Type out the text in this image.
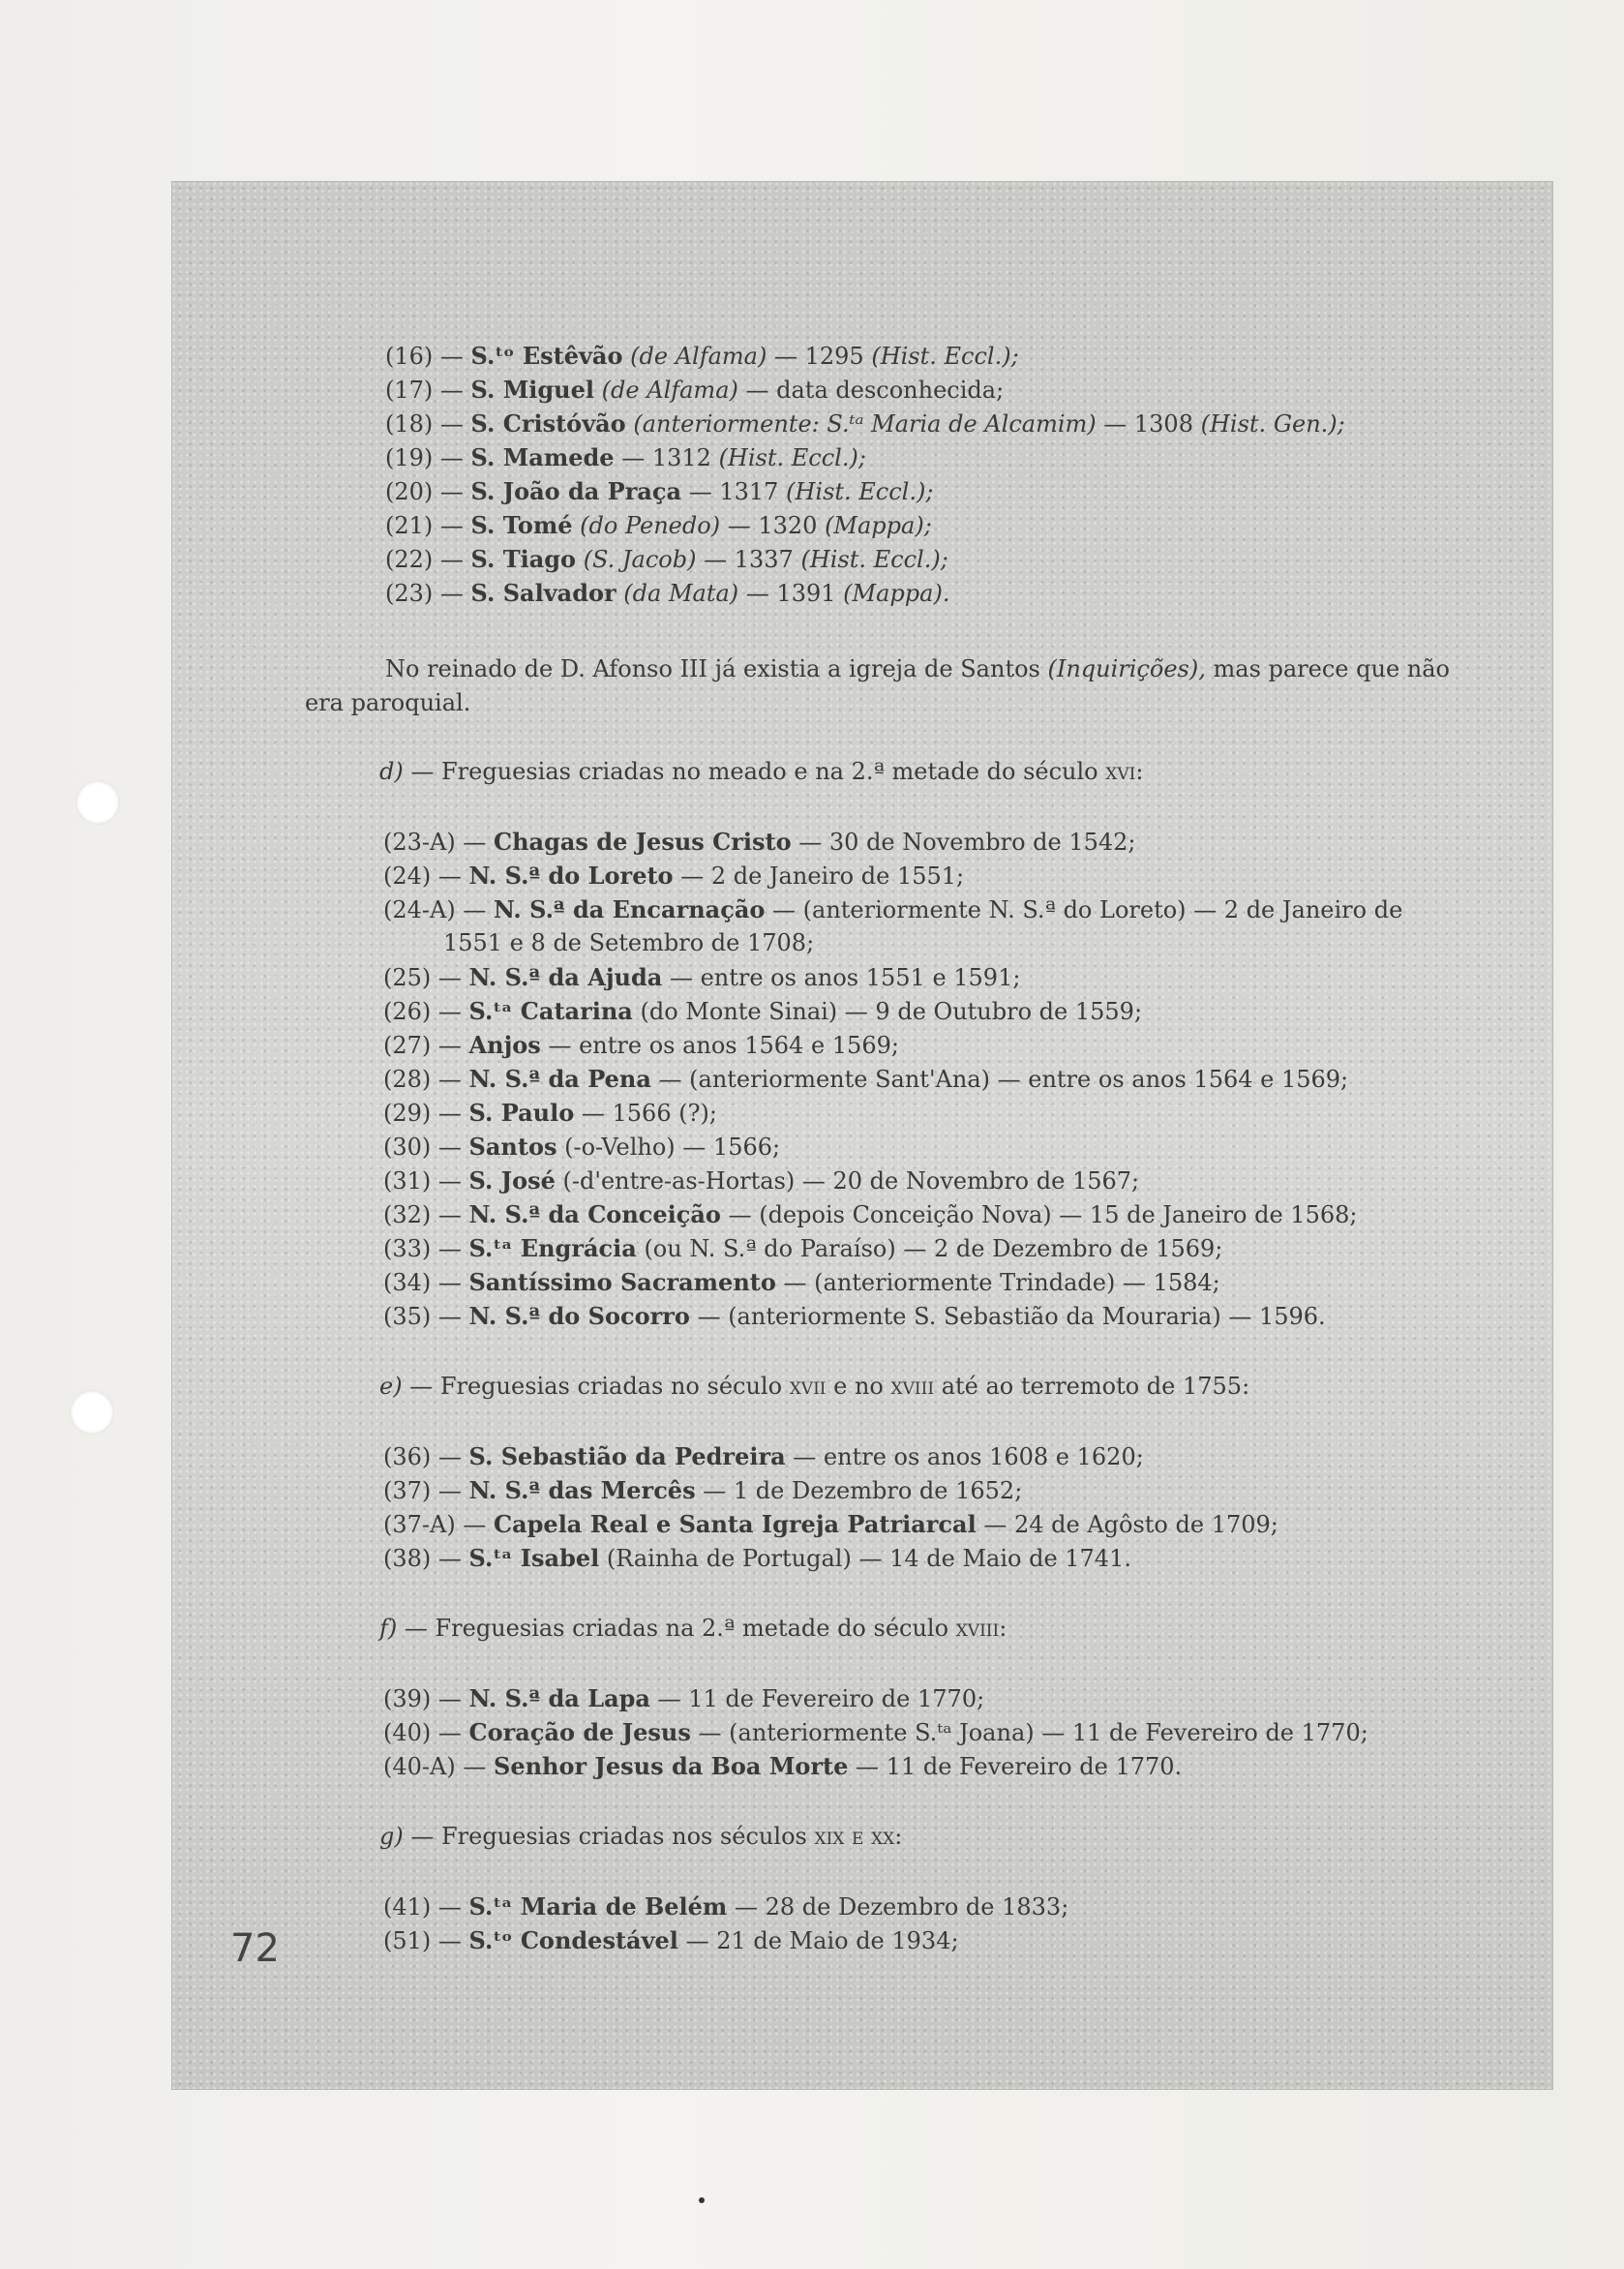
(16) — S.ᵗᵒ Estêvão (de Alfama) — 1295 (Hist. Eccl.);
(17) — S. Miguel (de Alfama) — data desconhecida;
(18) — S. Cristóvão (anteriormente: S.ᵗᵃ Maria de Alcamim) — 1308 (Hist. Gen.);
(19) — S. Mamede — 1312 (Hist. Eccl.);
(20) — S. João da Praça — 1317 (Hist. Eccl.);
(21) — S. Tomé (do Penedo) — 1320 (Mappa);
(22) — S. Tiago (S. Jacob) — 1337 (Hist. Eccl.);
(23) — S. Salvador (da Mata) — 1391 (Mappa).
No reinado de D. Afonso III já existia a igreja de Santos (Inquirições), mas parece que não
era paroquial.
d) — Freguesias criadas no meado e na 2.ª metade do século xvi:
(23-A) — Chagas de Jesus Cristo — 30 de Novembro de 1542;
(24) — N. S.ª do Loreto — 2 de Janeiro de 1551;
(24-A) — N. S.ª da Encarnação — (anteriormente N. S.ª do Loreto) — 2 de Janeiro de
1551 e 8 de Setembro de 1708;
(25) — N. S.ª da Ajuda — entre os anos 1551 e 1591;
(26) — S.ᵗᵃ Catarina (do Monte Sinai) — 9 de Outubro de 1559;
(27) — Anjos — entre os anos 1564 e 1569;
(28) — N. S.ª da Pena — (anteriormente Sant'Ana) — entre os anos 1564 e 1569;
(29) — S. Paulo — 1566 (?);
(30) — Santos (-o-Velho) — 1566;
(31) — S. José (-d'entre-as-Hortas) — 20 de Novembro de 1567;
(32) — N. S.ª da Conceição — (depois Conceição Nova) — 15 de Janeiro de 1568;
(33) — S.ᵗᵃ Engrácia (ou N. S.ª do Paraíso) — 2 de Dezembro de 1569;
(34) — Santíssimo Sacramento — (anteriormente Trindade) — 1584;
(35) — N. S.ª do Socorro — (anteriormente S. Sebastião da Mouraria) — 1596.
e) — Freguesias criadas no século xvii e no xviii até ao terremoto de 1755:
(36) — S. Sebastião da Pedreira — entre os anos 1608 e 1620;
(37) — N. S.ª das Mercês — 1 de Dezembro de 1652;
(37-A) — Capela Real e Santa Igreja Patriarcal — 24 de Agôsto de 1709;
(38) — S.ᵗᵃ Isabel (Rainha de Portugal) — 14 de Maio de 1741.
f) — Freguesias criadas na 2.ª metade do século xviii:
(39) — N. S.ª da Lapa — 11 de Fevereiro de 1770;
(40) — Coração de Jesus — (anteriormente S.ᵗᵃ Joana) — 11 de Fevereiro de 1770;
(40-A) — Senhor Jesus da Boa Morte — 11 de Fevereiro de 1770.
g) — Freguesias criadas nos séculos xix e xx:
(41) — S.ᵗᵃ Maria de Belém — 28 de Dezembro de 1833;
(51) — S.ᵗᵒ Condestável — 21 de Maio de 1934;
72
